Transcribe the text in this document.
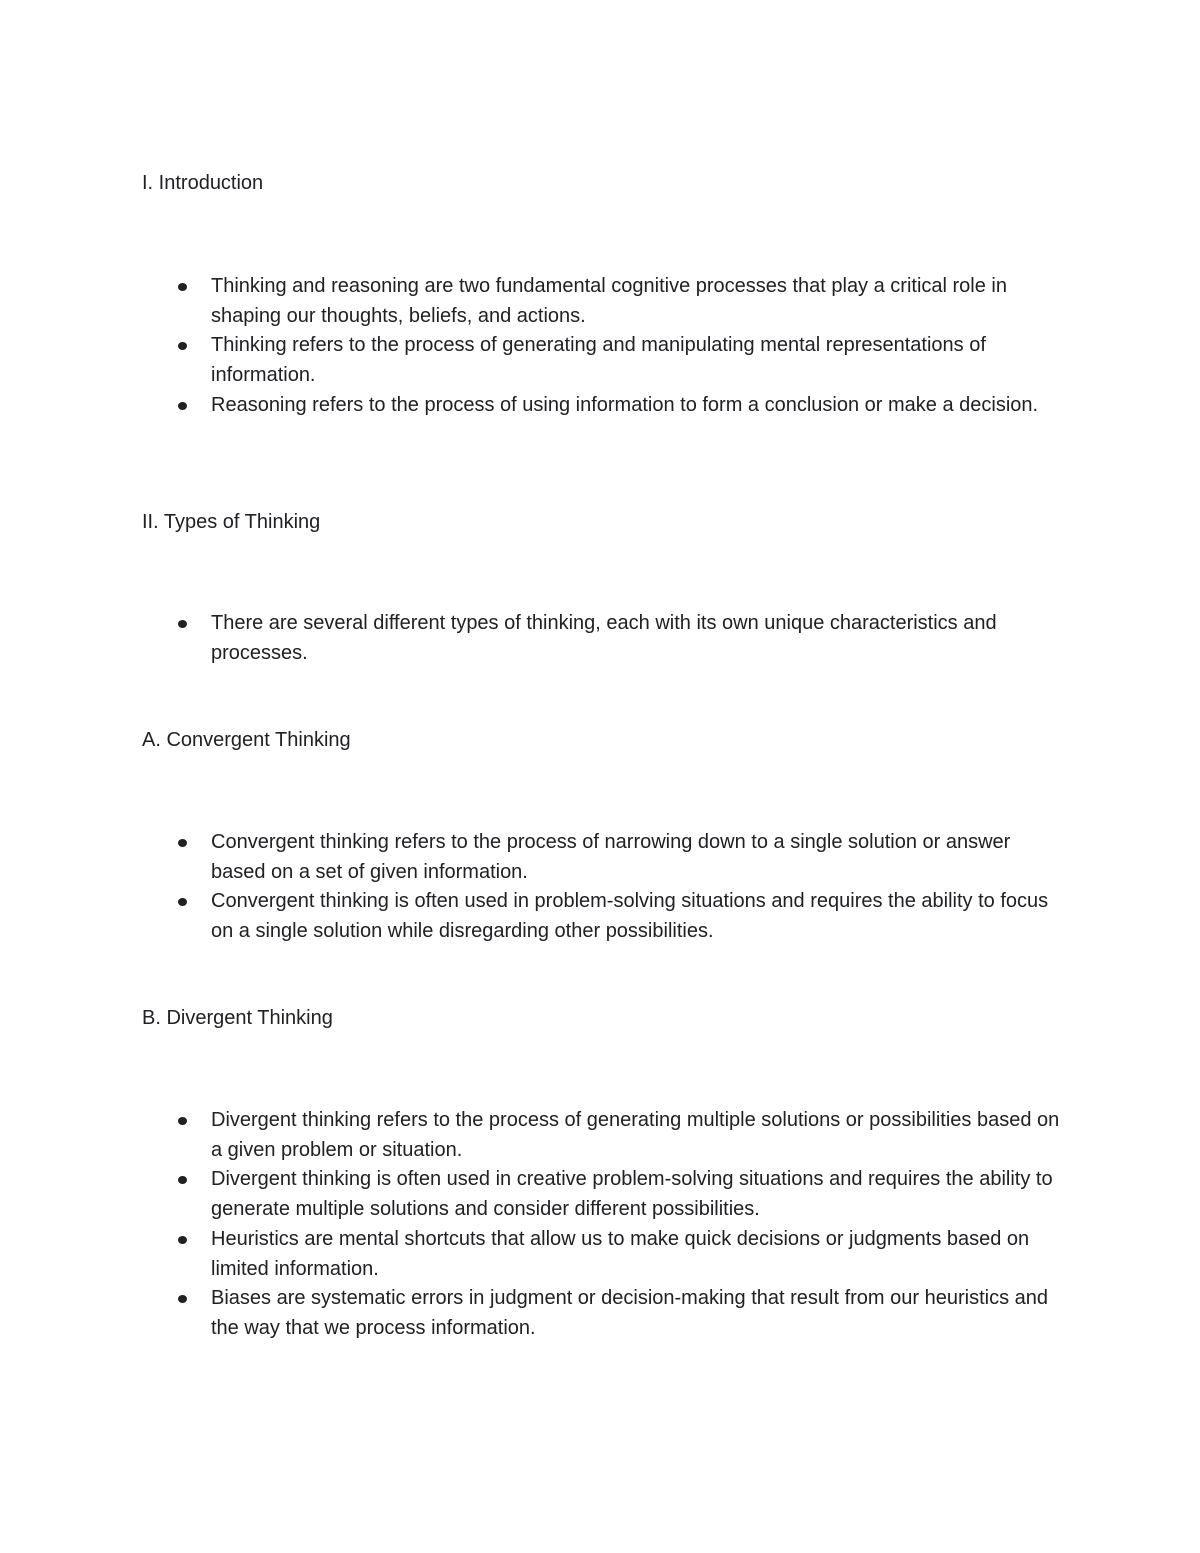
I. Introduction
Thinking and reasoning are two fundamental cognitive processes that play a critical role in shaping our thoughts, beliefs, and actions.
Thinking refers to the process of generating and manipulating mental representations of information.
Reasoning refers to the process of using information to form a conclusion or make a decision.
II. Types of Thinking
There are several different types of thinking, each with its own unique characteristics and processes.
A. Convergent Thinking
Convergent thinking refers to the process of narrowing down to a single solution or answer based on a set of given information.
Convergent thinking is often used in problem-solving situations and requires the ability to focus on a single solution while disregarding other possibilities.
B. Divergent Thinking
Divergent thinking refers to the process of generating multiple solutions or possibilities based on a given problem or situation.
Divergent thinking is often used in creative problem-solving situations and requires the ability to generate multiple solutions and consider different possibilities.
Heuristics are mental shortcuts that allow us to make quick decisions or judgments based on limited information.
Biases are systematic errors in judgment or decision-making that result from our heuristics and the way that we process information.
